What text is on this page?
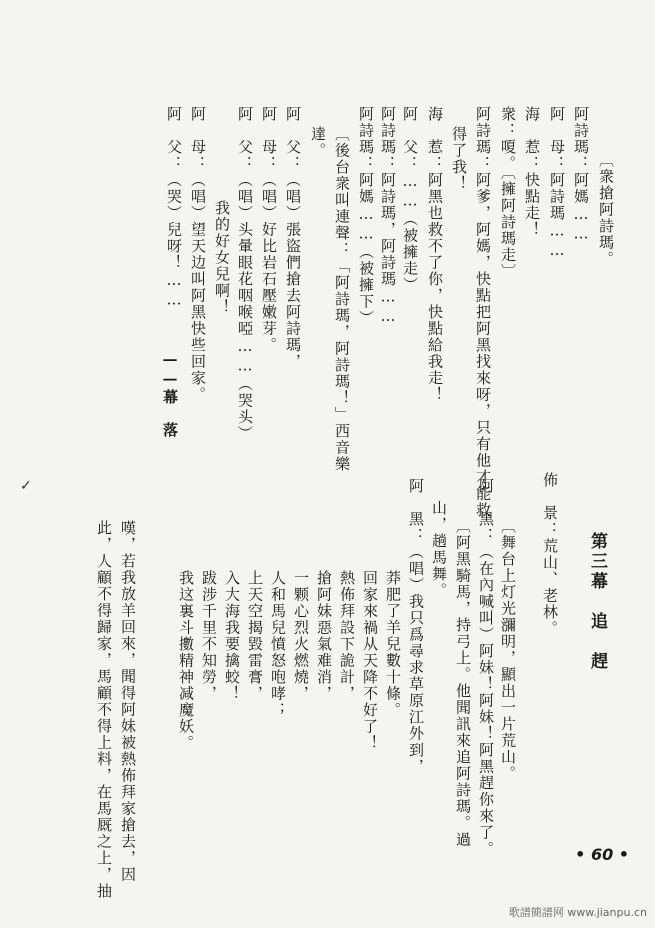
〔衆搶阿詩瑪。
阿詩瑪：阿媽……
阿　母：阿詩瑪……
海　惹：快點走！
衆：嗄。〔擁阿詩瑪走〕
阿詩瑪：阿爹，阿媽，快點把阿黑找來呀，只有他才能救
得了我！
海　惹：阿黑也救不了你，快點給我走！
阿　父：……（被擁走）
阿詩瑪：阿詩瑪，阿詩瑪……
阿詩瑪：阿媽……（被擁下）
〔後台衆叫連聲：「阿詩瑪，阿詩瑪！」西音樂
達。
阿　父：（唱）張盜們搶去阿詩瑪，
阿　母：（唱）好比岩石壓嫩芽。
阿　父：（唱）头暈眼花咽喉啞……（哭头）
我的好女兒啊！
阿　母：（唱）望天边叫阿黑快些回家。
阿　父：（哭）兒呀！……
——幕　落
✓
第三幕　追　趕
佈　景：荒山、老林。
〔舞台上灯光瀰明，顯出一片荒山。
阿　黑：（在內喊叫）阿妹！阿妹！阿黑趕你來了。
〔阿黑騎馬，持弓上。他聞訊來追阿詩瑪。過
山，趟馬舞。
阿　黑：（唱）我只爲尋求草原江外到，
莽肥了羊兒數十條。
回家來禍从天降不好了！
熱佈拜設下詭計，
搶阿妹惡氣难消，
一颗心烈火燃燒，
人和馬兒憤怒咆哮；
上天空揭毀雷膏，
入大海我要擒蛟！
跋涉千里不知勞，
我这裏斗擻精神减魔妖。
嘆，若我放羊回來，聞得阿妹被熱佈拜家搶去，因
此，人顧不得歸家，馬顧不得上料，在馬厩之上，抽	• 60 •
歌譜簡譜网 www.jianpu.cn
